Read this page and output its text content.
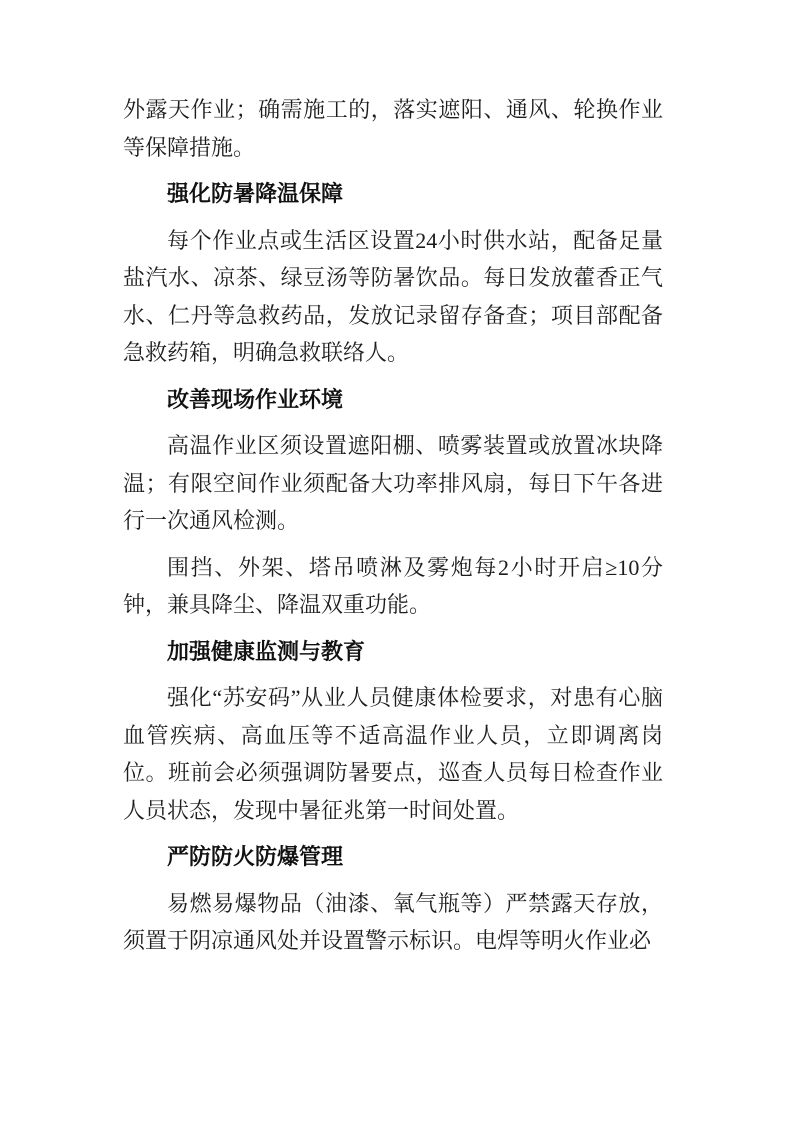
外露天作业；确需施工的，落实遮阳、通风、轮换作业等保障措施。

强化防暑降温保障

每个作业点或生活区设置24小时供水站，配备足量盐汽水、凉茶、绿豆汤等防暑饮品。每日发放藿香正气水、仁丹等急救药品，发放记录留存备查；项目部配备急救药箱，明确急救联络人。

改善现场作业环境

高温作业区须设置遮阳棚、喷雾装置或放置冰块降温；有限空间作业须配备大功率排风扇，每日下午各进行一次通风检测。

围挡、外架、塔吊喷淋及雾炮每2小时开启≥10分钟，兼具降尘、降温双重功能。

加强健康监测与教育

强化“苏安码”从业人员健康体检要求，对患有心脑血管疾病、高血压等不适高温作业人员，立即调离岗位。班前会必须强调防暑要点，巡查人员每日检查作业人员状态，发现中暑征兆第一时间处置。

严防防火防爆管理

易燃易爆物品（油漆、氧气瓶等）严禁露天存放，须置于阴凉通风处并设置警示标识。电焊等明火作业必
